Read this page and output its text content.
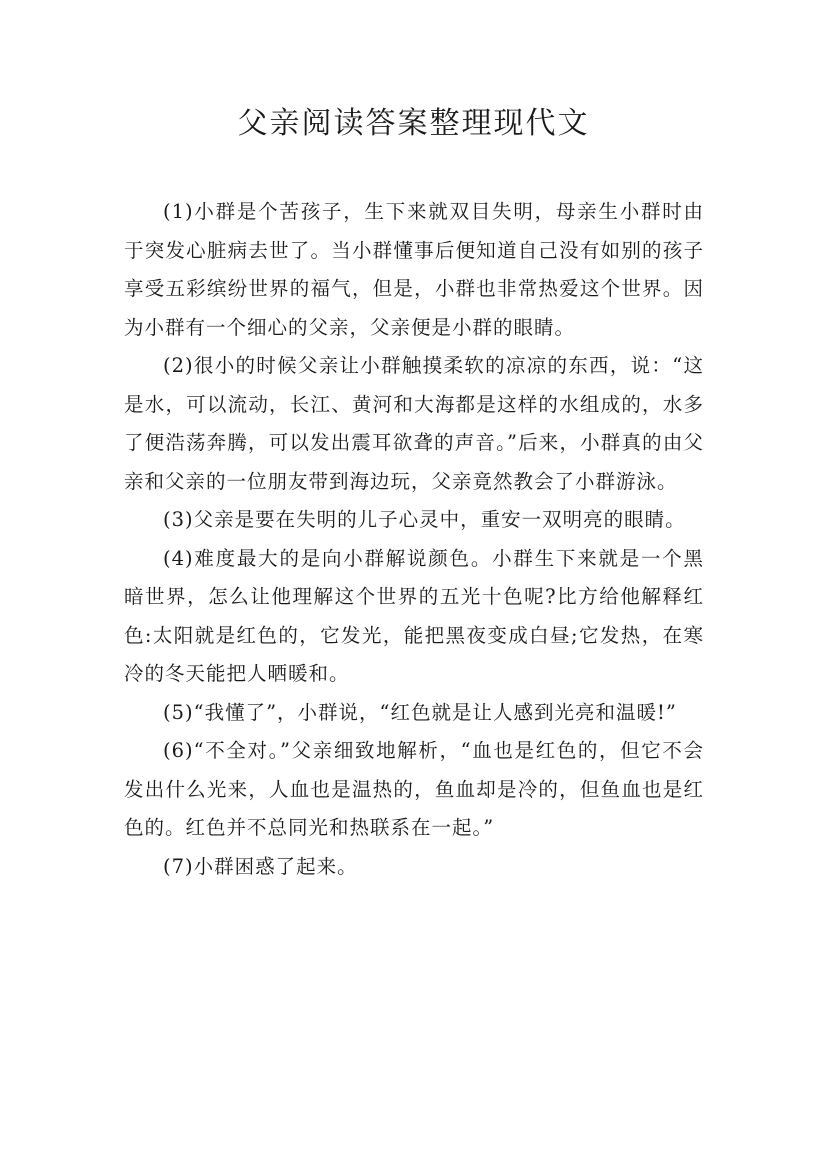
父亲阅读答案整理现代文

(1)小群是个苦孩子，生下来就双目失明，母亲生小群时由于突发心脏病去世了。当小群懂事后便知道自己没有如别的孩子享受五彩缤纷世界的福气，但是，小群也非常热爱这个世界。因为小群有一个细心的父亲，父亲便是小群的眼睛。

(2)很小的时候父亲让小群触摸柔软的凉凉的东西，说：“这是水，可以流动，长江、黄河和大海都是这样的水组成的，水多了便浩荡奔腾，可以发出震耳欲聋的声音。”后来，小群真的由父亲和父亲的一位朋友带到海边玩，父亲竟然教会了小群游泳。

(3)父亲是要在失明的儿子心灵中，重安一双明亮的眼睛。

(4)难度最大的是向小群解说颜色。小群生下来就是一个黑暗世界，怎么让他理解这个世界的五光十色呢?比方给他解释红色:太阳就是红色的，它发光，能把黑夜变成白昼;它发热，在寒冷的冬天能把人晒暖和。

(5)“我懂了”，小群说，“红色就是让人感到光亮和温暖!”

(6)“不全对。”父亲细致地解析，“血也是红色的，但它不会发出什么光来，人血也是温热的，鱼血却是冷的，但鱼血也是红色的。红色并不总同光和热联系在一起。”

(7)小群困惑了起来。
